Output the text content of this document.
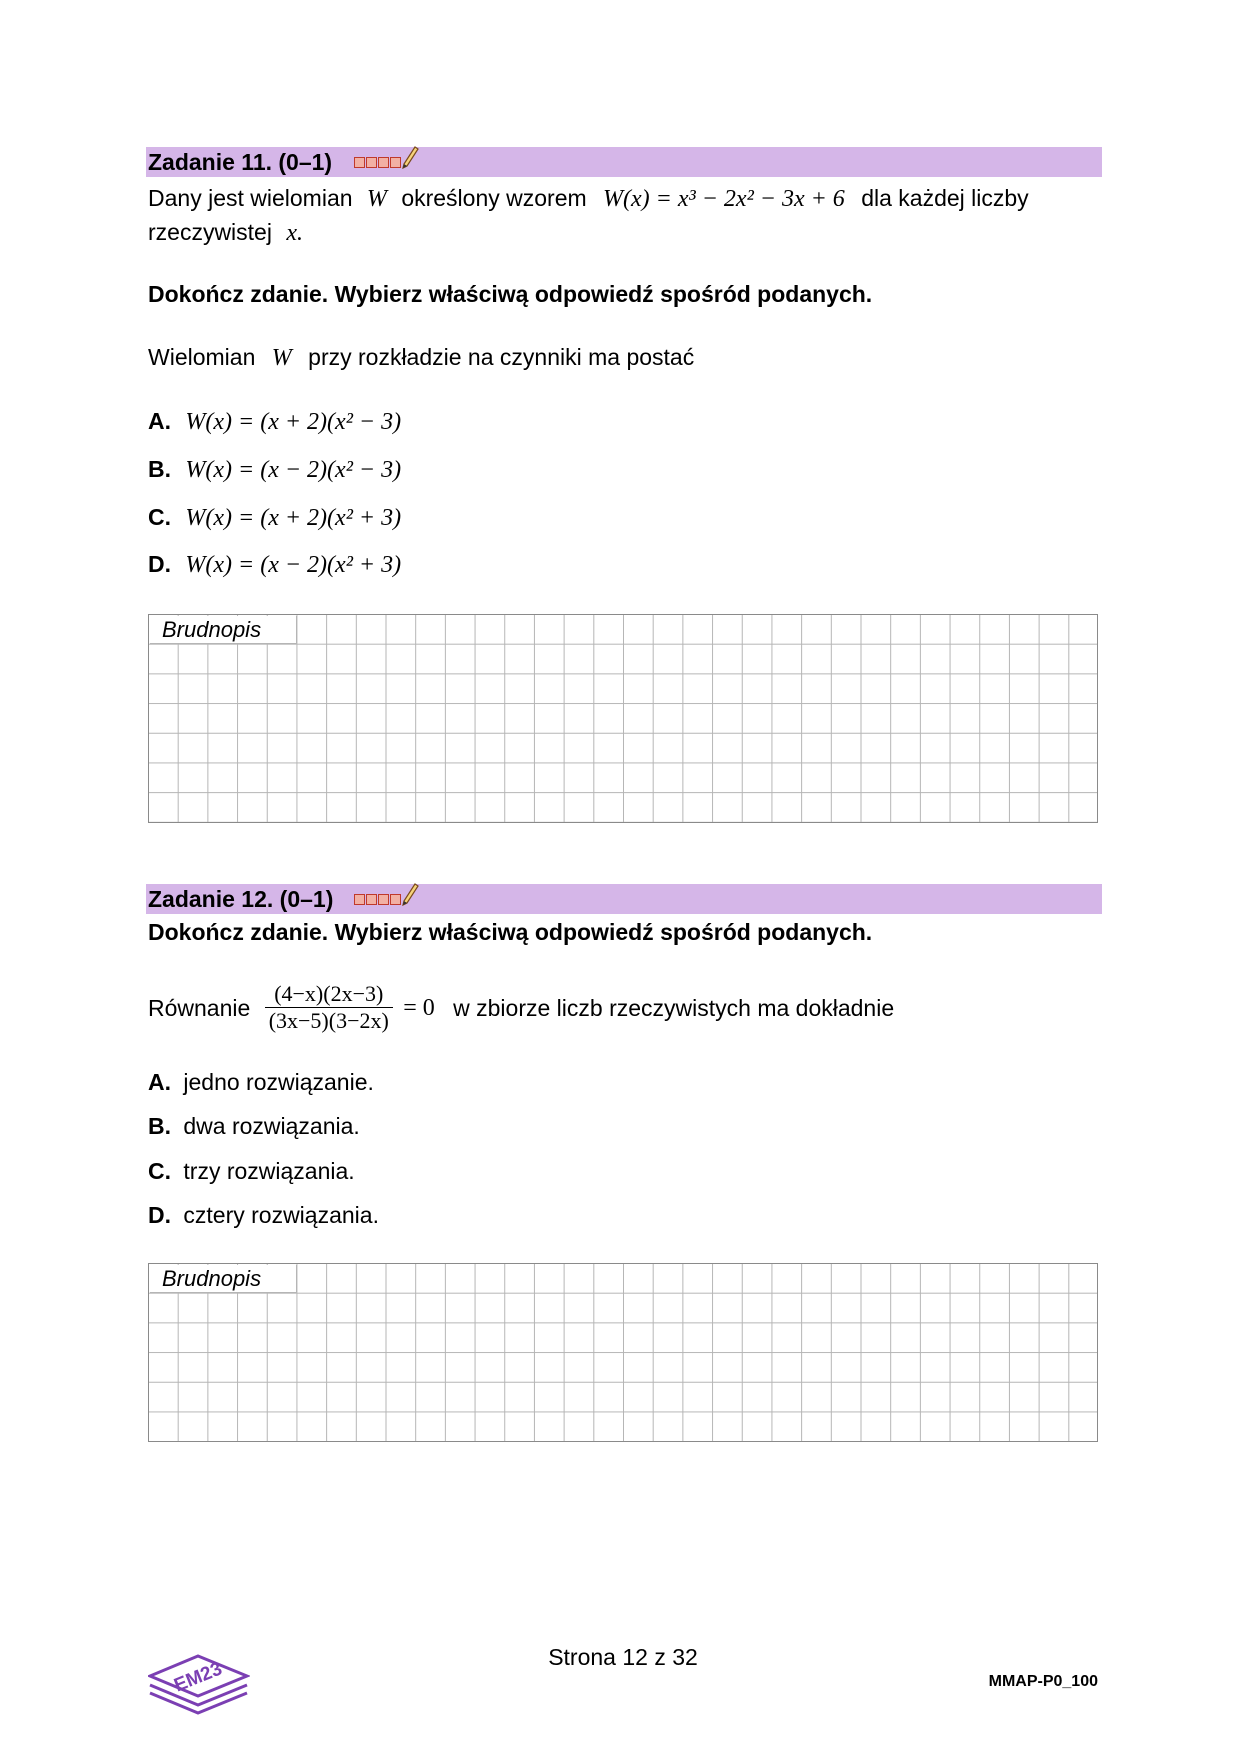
Zadanie 11. (0–1)
Dany jest wielomian W określony wzorem W(x) = x³ − 2x² − 3x + 6 dla każdej liczby
rzeczywistej x.
Dokończ zdanie. Wybierz właściwą odpowiedź spośród podanych.
Wielomian W przy rozkładzie na czynniki ma postać
A. W(x) = (x + 2)(x² − 3)
B. W(x) = (x − 2)(x² − 3)
C. W(x) = (x + 2)(x² + 3)
D. W(x) = (x − 2)(x² + 3)
Brudnopis
Zadanie 12. (0–1)
Dokończ zdanie. Wybierz właściwą odpowiedź spośród podanych.
Równanie $\frac{(4-x)(2x-3)}{(3x-5)(3-2x)} = 0$ w zbiorze liczb rzeczywistych ma dokładnie
A. jedno rozwiązanie.
B. dwa rozwiązania.
C. trzy rozwiązania.
D. cztery rozwiązania.
Brudnopis
EM23
Strona 12 z 32
MMAP-P0_100
